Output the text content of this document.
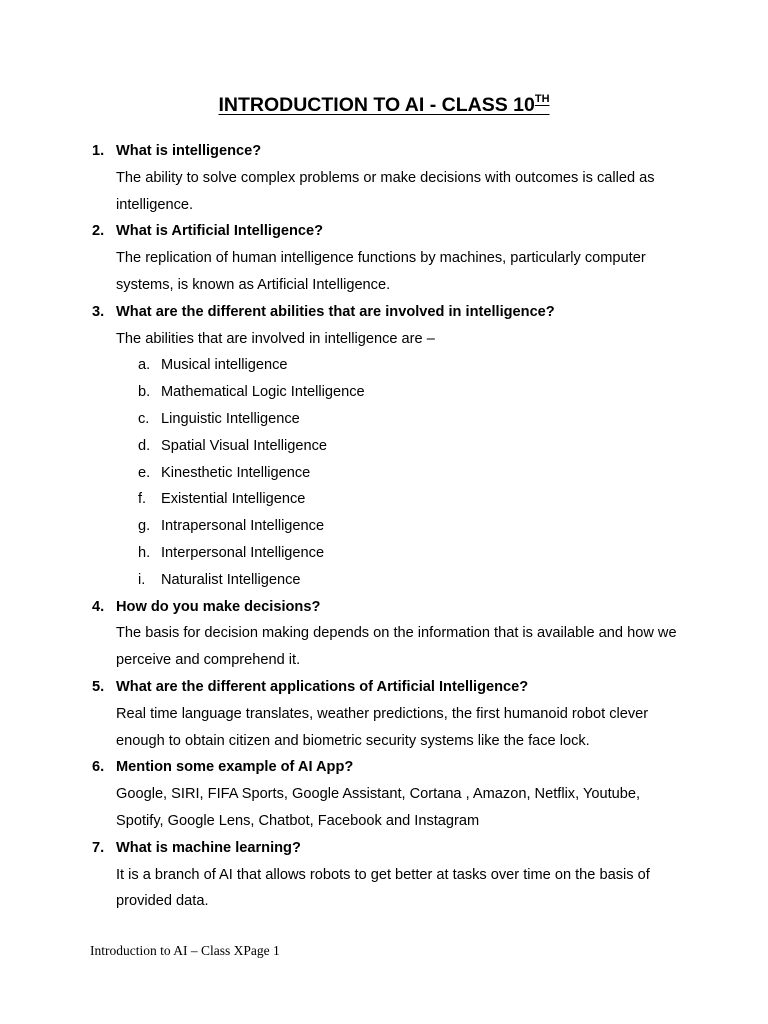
INTRODUCTION TO AI - CLASS 10TH
1. What is intelligence?
The ability to solve complex problems or make decisions with outcomes is called as intelligence.
2. What is Artificial Intelligence?
The replication of human intelligence functions by machines, particularly computer systems, is known as Artificial Intelligence.
3. What are the different abilities that are involved in intelligence?
The abilities that are involved in intelligence are –
a. Musical intelligence
b. Mathematical Logic Intelligence
c. Linguistic Intelligence
d. Spatial Visual Intelligence
e. Kinesthetic Intelligence
f. Existential Intelligence
g. Intrapersonal Intelligence
h. Interpersonal Intelligence
i. Naturalist Intelligence
4. How do you make decisions?
The basis for decision making depends on the information that is available and how we perceive and comprehend it.
5. What are the different applications of Artificial Intelligence?
Real time language translates, weather predictions, the first humanoid robot clever enough to obtain citizen and biometric security systems like the face lock.
6. Mention some example of AI App?
Google, SIRI, FIFA Sports, Google Assistant, Cortana , Amazon, Netflix, Youtube, Spotify, Google Lens, Chatbot, Facebook and Instagram
7. What is machine learning?
It is a branch of AI that allows robots to get better at tasks over time on the basis of provided data.
Introduction to AI – Class XPage 1
